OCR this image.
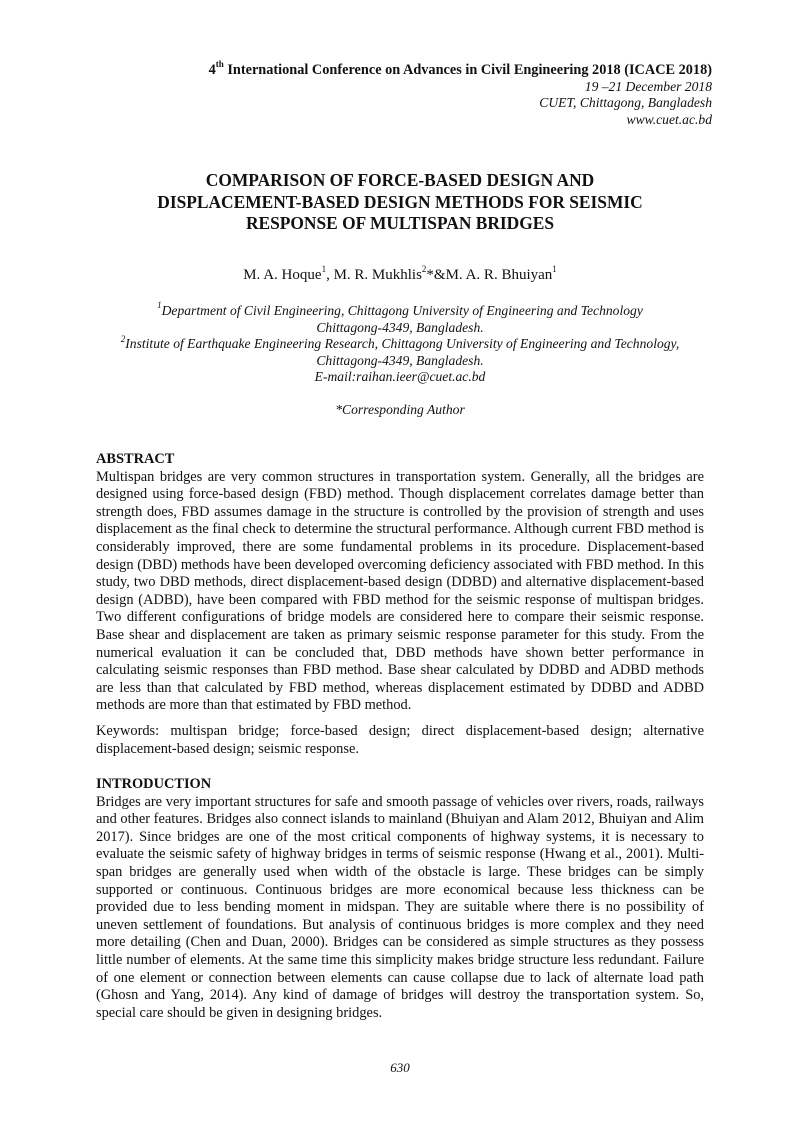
4th International Conference on Advances in Civil Engineering 2018 (ICACE 2018)
19 –21 December 2018
CUET, Chittagong, Bangladesh
www.cuet.ac.bd
COMPARISON OF FORCE-BASED DESIGN AND
DISPLACEMENT-BASED DESIGN METHODS FOR SEISMIC
RESPONSE OF MULTISPAN BRIDGES
M. A. Hoque$^1$, M. R. Mukhlis$^2$*&M. A. R. Bhuiyan$^1$
$^1$Department of Civil Engineering, Chittagong University of Engineering and Technology
Chittagong-4349, Bangladesh.
$^2$Institute of Earthquake Engineering Research, Chittagong University of Engineering and Technology,
Chittagong-4349, Bangladesh.
E-mail:raihan.ieer@cuet.ac.bd
*Corresponding Author
ABSTRACT
Multispan bridges are very common structures in transportation system. Generally, all the bridges are designed using force-based design (FBD) method. Though displacement correlates damage better than strength does, FBD assumes damage in the structure is controlled by the provision of strength and uses displacement as the final check to determine the structural performance. Although current FBD method is considerably improved, there are some fundamental problems in its procedure. Displacement-based design (DBD) methods have been developed overcoming deficiency associated with FBD method. In this study, two DBD methods, direct displacement-based design (DDBD) and alternative displacement-based design (ADBD), have been compared with FBD method for the seismic response of multispan bridges. Two different configurations of bridge models are considered here to compare their seismic response. Base shear and displacement are taken as primary seismic response parameter for this study. From the numerical evaluation it can be concluded that, DBD methods have shown better performance in calculating seismic responses than FBD method. Base shear calculated by DDBD and ADBD methods are less than that calculated by FBD method, whereas displacement estimated by DDBD and ADBD methods are more than that estimated by FBD method.
Keywords: multispan bridge; force-based design; direct displacement-based design; alternative displacement-based design; seismic response.
INTRODUCTION
Bridges are very important structures for safe and smooth passage of vehicles over rivers, roads, railways and other features. Bridges also connect islands to mainland (Bhuiyan and Alam 2012, Bhuiyan and Alim 2017). Since bridges are one of the most critical components of highway systems, it is necessary to evaluate the seismic safety of highway bridges in terms of seismic response (Hwang et al., 2001). Multi-span bridges are generally used when width of the obstacle is large. These bridges can be simply supported or continuous. Continuous bridges are more economical because less thickness can be provided due to less bending moment in midspan. They are suitable where there is no possibility of uneven settlement of foundations. But analysis of continuous bridges is more complex and they need more detailing (Chen and Duan, 2000). Bridges can be considered as simple structures as they possess little number of elements. At the same time this simplicity makes bridge structure less redundant. Failure of one element or connection between elements can cause collapse due to lack of alternate load path (Ghosn and Yang, 2014). Any kind of damage of bridges will destroy the transportation system. So, special care should be given in designing bridges.
630
